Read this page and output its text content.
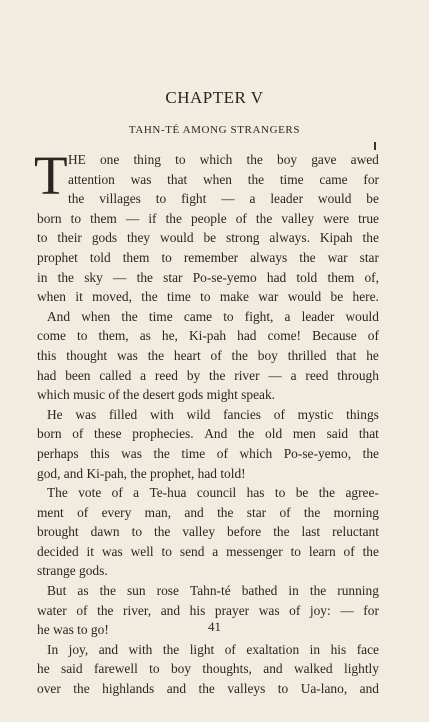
CHAPTER V
TAHN-TÉ AMONG STRANGERS
T HE one thing to which the boy gave awed
attention was that when the time came for
the villages to fight — a leader would be
born to them — if the people of the valley were true
to their gods they would be strong always. Kipah the
prophet told them to remember always the war star
in the sky — the star Po-se-yemo had told them of,
when it moved, the time to make war would be here.
And when the time came to fight, a leader would
come to them, as he, Ki-pah had come! Because of
this thought was the heart of the boy thrilled that he
had been called a reed by the river — a reed through
which music of the desert gods might speak.
He was filled with wild fancies of mystic things
born of these prophecies. And the old men said that
perhaps this was the time of which Po-se-yemo, the
god, and Ki-pah, the prophet, had told!
The vote of a Te-hua council has to be the agree-
ment of every man, and the star of the morning
brought dawn to the valley before the last reluctant
decided it was well to send a messenger to learn of the
strange gods.
But as the sun rose Tahn-té bathed in the running
water of the river, and his prayer was of joy: — for
he was to go!
In joy, and with the light of exaltation in his face
he said farewell to boy thoughts, and walked lightly
over the highlands and the valleys to Ua-lano, and
41
